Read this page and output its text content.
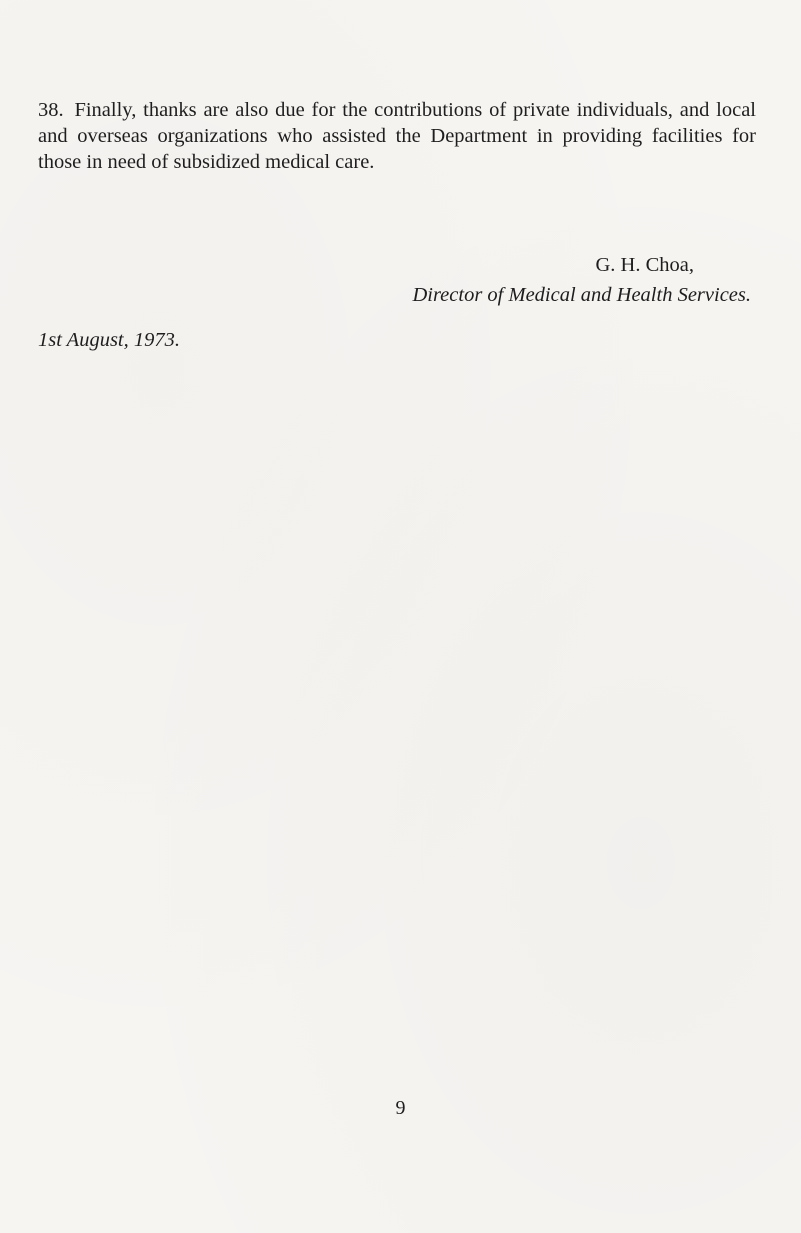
38. Finally, thanks are also due for the contributions of private individuals, and local and overseas organizations who assisted the Department in providing facilities for those in need of subsidized medical care.

G. H. Choa,
Director of Medical and Health Services.
1st August, 1973.
9
